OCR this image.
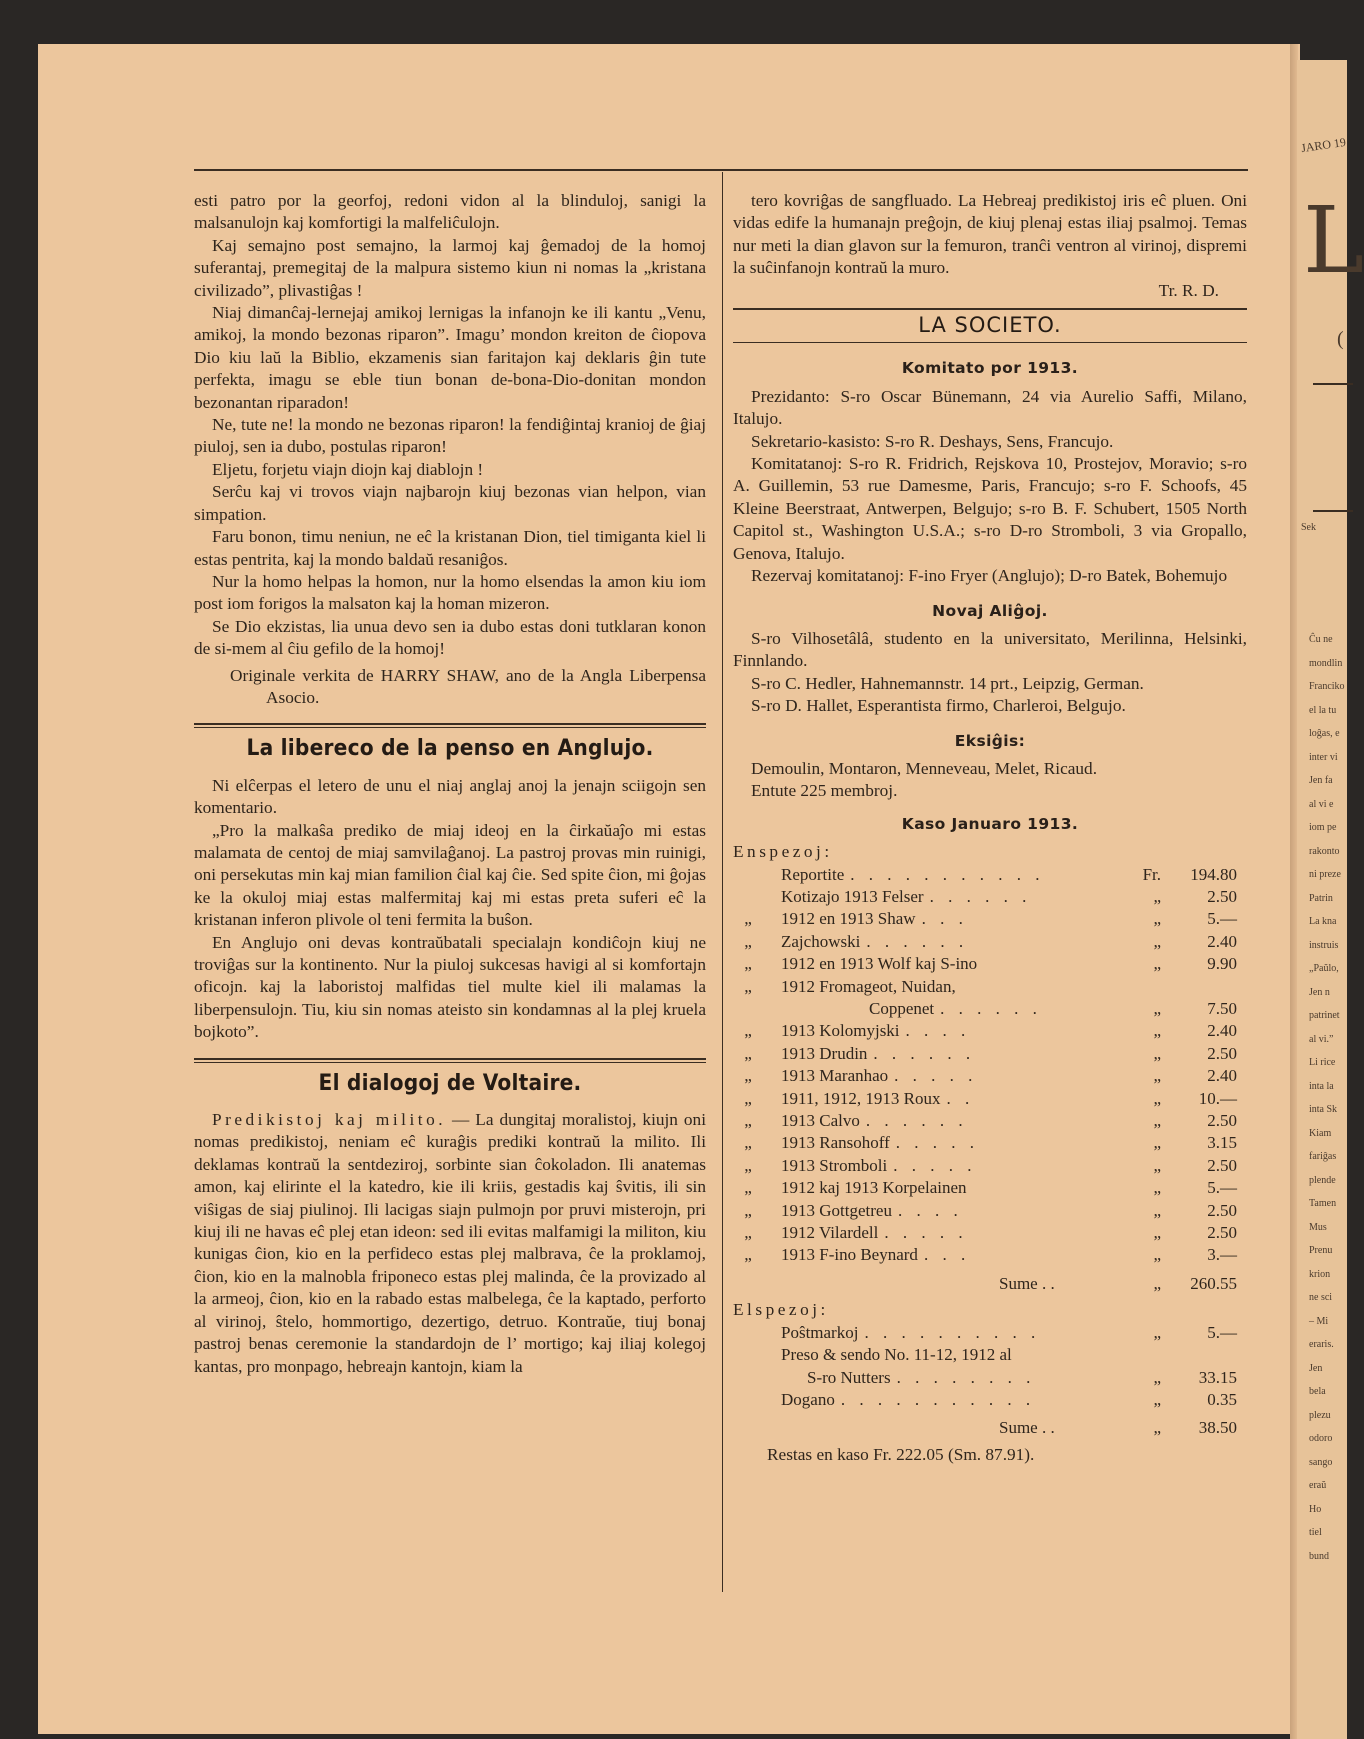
JARO 19
L
(
Sek
Ĉu ne
mondlin
Franciko
el la tu
loĝas, e
inter vi
Jen fa
al vi e
iom pe
rakonto
ni preze
Patrin
La kna
instruis
„Paŭlo,
Jen n
patrinet
al vi.”
Li rice
inta la
inta Sk
Kiam
fariĝas
plende
Tamen
Mus
Prenu
krion
ne sci
– Mi
eraris.
Jen
bela
plezu
odoro
sango
eraŭ
Ho
tiel
bund

esti patro por la georfoj, redoni vidon al la blinduloj, sanigi la malsanulojn kaj komfortigi la malfeliĉulojn.

Kaj semajno post semajno, la larmoj kaj ĝemadoj de la homoj suferantaj, premegitaj de la malpura sistemo kiun ni nomas la „kristana civilizado”, plivastiĝas !

Niaj dimanĉaj-lernejaj amikoj lernigas la infanojn ke ili kantu „Venu, amikoj, la mondo bezonas riparon”. Imagu’ mondon kreiton de ĉiopova Dio kiu laŭ la Biblio, ekzamenis sian faritajon kaj deklaris ĝin tute perfekta, imagu se eble tiun bonan de-bona-Dio-donitan mondon bezonantan riparadon!

Ne, tute ne! la mondo ne bezonas riparon! la fendiĝintaj kranioj de ĝiaj piuloj, sen ia dubo, postulas riparon!

Eljetu, forjetu viajn diojn kaj diablojn !

Serĉu kaj vi trovos viajn najbarojn kiuj bezonas vian helpon, vian simpation.

Faru bonon, timu neniun, ne eĉ la kristanan Dion, tiel timiganta kiel li estas pentrita, kaj la mondo baldaŭ resaniĝos.

Nur la homo helpas la homon, nur la homo elsendas la amon kiu iom post iom forigos la malsaton kaj la homan mizeron.

Se Dio ekzistas, lia unua devo sen ia dubo estas doni tutklaran konon de si-mem al ĉiu gefilo de la homoj!

Originale verkita de HARRY SHAW, ano de la Angla Liberpensa Asocio.

La libereco de la penso en Anglujo.

Ni elĉerpas el letero de unu el niaj anglaj anoj la jenajn sciigojn sen komentario.

„Pro la malkaŝa prediko de miaj ideoj en la ĉirkaŭaĵo mi estas malamata de centoj de miaj samvilaĝanoj. La pastroj provas min ruinigi, oni persekutas min kaj mian familion ĉial kaj ĉie. Sed spite ĉion, mi ĝojas ke la okuloj miaj estas malfermitaj kaj mi estas preta suferi eĉ la kristanan inferon plivole ol teni fermita la buŝon.

En Anglujo oni devas kontraŭbatali specialajn kondiĉojn kiuj ne troviĝas sur la kontinento. Nur la piuloj sukcesas havigi al si komfortajn oficojn. kaj la laboristoj malfidas tiel multe kiel ili malamas la liberpensulojn. Tiu, kiu sin nomas ateisto sin kondamnas al la plej kruela bojkoto”.

El dialogoj de Voltaire.

Predikistoj kaj milito. — La dungitaj moralistoj, kiujn oni nomas predikistoj, neniam eĉ kuraĝis prediki kontraŭ la milito. Ili deklamas kontraŭ la sentdeziroj, sorbinte sian ĉokoladon. Ili anatemas amon, kaj elirinte el la katedro, kie ili kriis, gestadis kaj ŝvitis, ili sin viŝigas de siaj piulinoj. Ili lacigas siajn pulmojn por pruvi misterojn, pri kiuj ili ne havas eĉ plej etan ideon: sed ili evitas malfamigi la militon, kiu kunigas ĉion, kio en la perfideco estas plej malbrava, ĉe la proklamoj, ĉion, kio en la malnobla friponeco estas plej malinda, ĉe la provizado al la armeoj, ĉion, kio en la rabado estas malbelega, ĉe la kaptado, perforto al virinoj, ŝtelo, hommortigo, dezertigo, detruo. Kontraŭe, tiuj bonaj pastroj benas ceremonie la standardojn de l’ mortigo; kaj iliaj kolegoj kantas, pro monpago, hebreajn kantojn, kiam la

tero kovriĝas de sangfluado. La Hebreaj predikistoj iris eĉ pluen. Oni vidas edife la humanajn preĝojn, de kiuj plenaj estas iliaj psalmoj. Temas nur meti la dian glavon sur la femuron, tranĉi ventron al virinoj, dispremi la suĉinfanojn kontraŭ la muro.

Tr. R. D.
LA SOCIETO.
Komitato por 1913.

Prezidanto: S-ro Oscar Bünemann, 24 via Aurelio Saffi, Milano, Italujo.

Sekretario-kasisto: S-ro R. Deshays, Sens, Francujo.

Komitatanoj: S-ro R. Fridrich, Rejskova 10, Prostejov, Moravio; s-ro A. Guillemin, 53 rue Damesme, Paris, Francujo; s-ro F. Schoofs, 45 Kleine Beerstraat, Antwerpen, Belgujo; s-ro B. F. Schubert, 1505 North Capitol st., Washington U.S.A.; s-ro D-ro Stromboli, 3 via Gropallo, Genova, Italujo.

Rezervaj komitatanoj: F-ino Fryer (Anglujo); D-ro Batek, Bohemujo

Novaj Aliĝoj.

S-ro Vilhosetâlâ, studento en la universitato, Merilinna, Helsinki, Finnlando.

S-ro C. Hedler, Hahnemannstr. 14 prt., Leipzig, German.

S-ro D. Hallet, Esperantista firmo, Charleroi, Belgujo.

Eksiĝis:

Demoulin, Montaron, Menneveau, Melet, Ricaud.

Entute 225 membroj.

Kaso Januaro 1913.
Enspezoj:
	Reportite . . . . . . . . . . .	Fr.	194.80
	Kotizajo 1913 Felser . . . . . .	„	2.50
„	1912 en 1913 Shaw . . .	„	5.—
„	Zajchowski . . . . . .	„	2.40
„	1912 en 1913 Wolf kaj S-ino	„	9.90
„	1912 Fromageot, Nuidan,		
	Coppenet . . . . . .	„	7.50
„	1913 Kolomyjski . . . .	„	2.40
„	1913 Drudin . . . . . .	„	2.50
„	1913 Maranhao . . . . .	„	2.40
„	1911, 1912, 1913 Roux . .	„	10.—
„	1913 Calvo . . . . . .	„	2.50
„	1913 Ransohoff . . . . .	„	3.15
„	1913 Stromboli . . . . .	„	2.50
„	1912 kaj 1913 Korpelainen	„	5.—
„	1913 Gottgetreu . . . .	„	2.50
„	1912 Vilardell . . . . .	„	2.50
„	1913 F-ino Beynard . . .	„	3.—
	Sume . .	„	260.55
Elspezoj:
	Poŝtmarkoj . . . . . . . . . .	„	5.—
	Preso & sendo No. 11-12, 1912 al		
	S-ro Nutters . . . . . . . .	„	33.15
	Dogano . . . . . . . . . . .	„	0.35
	Sume . .	„	38.50

Restas en kaso Fr. 222.05 (Sm. 87.91).
